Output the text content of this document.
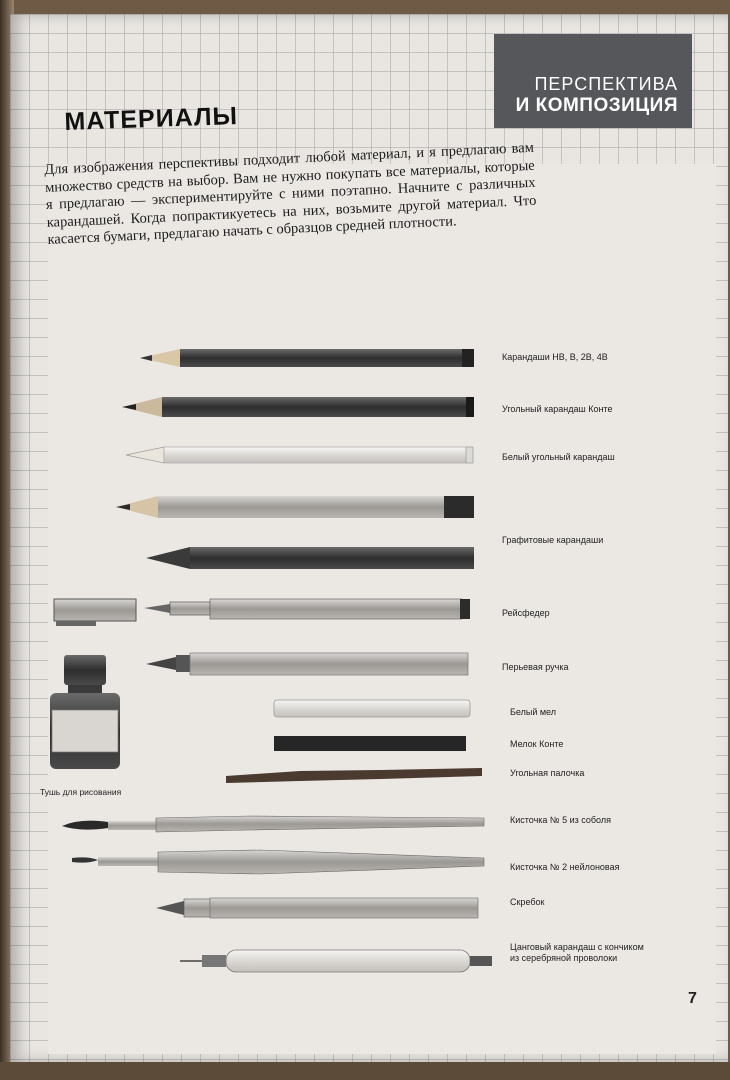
ПЕРСПЕКТИВА
И КОМПОЗИЦИЯ
МАТЕРИАЛЫ
Для изображения перспективы подходит любой материал, и я предлагаю вам множество средств на выбор. Вам не нужно покупать все материалы, которые я предлагаю — экспериментируйте с ними поэтапно. Начните с различных карандашей. Когда попрактикуетесь на них, возьмите другой материал. Что касается бумаги, предлагаю начать с образцов средней плотности.
Карандаши НВ, В, 2В, 4В
Угольный карандаш Конте
Белый угольный карандаш
Графитовые карандаши
Рейсфедер
Перьевая ручка
Белый мел
Мелок Конте
Угольная палочка
Кисточка № 5 из соболя
Кисточка № 2 нейлоновая
Скребок
Цанговый карандаш с кончиком
из серебряной проволоки
Тушь для рисования
7
